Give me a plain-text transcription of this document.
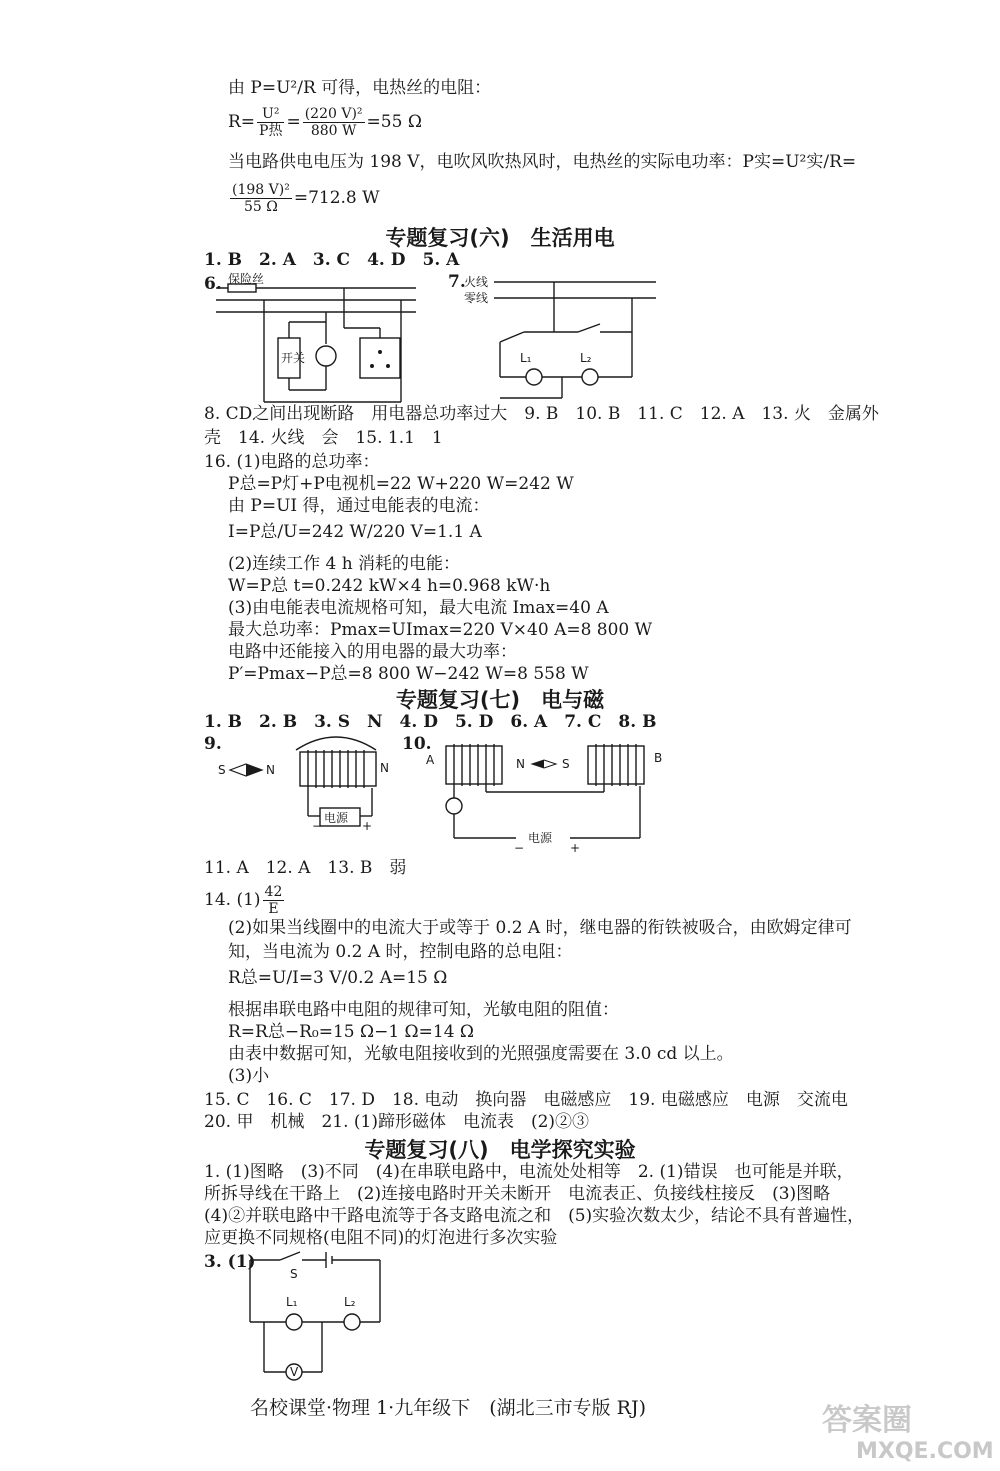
由 P=U²/R 可得，电热丝的电阻：
$R= \frac{\text{U²}}{\text{P热}} = \frac{\text{(220 V)²}}{880 W} =55$ Ω
当电路供电电压为 198 V，电吹风吹热风时，电热丝的实际电功率：P实=U²实/R=
$\frac{\text{(198 V)²}}{55 \Omega} =712.8$ W
专题复习(六)　生活用电
1. B　2. A　3. C　4. D　5. A
6. 保险丝
开关
7.
火线
零线
L₁	L₂
8. CD之间出现断路　用电器总功率过大　9. B　10. B　11. C　12. A　13. 火　金属外
壳　14. 火线　会　15. 1.1　1
16. (1)电路的总功率：
P总=P灯+P电视机=22 W+220 W=242 W
由 P=UI 得，通过电能表的电流：
I=P总/U=242 W/220 V=1.1 A
(2)连续工作 4 h 消耗的电能：
W=P总 t=0.242 kW×4 h=0.968 kW·h
(3)由电能表电流规格可知，最大电流 Imax=40 A
最大总功率：Pmax=UImax=220 V×40 A=8 800 W
电路中还能接入的用电器的最大功率：
P′=Pmax−P总=8 800 W−242 W=8 558 W
专题复习(七)　电与磁
1. B　2. B　3. S　N　4. D　5. D　6. A　7. C　8. B
9.
S	N	N
电源
−	+
10.
A	B
N	S
电源
−	+
11. A　12. A　13. B　弱
14. $(1) \frac{42}{E}$
(2)如果当线圈中的电流大于或等于 0.2 A 时，继电器的衔铁被吸合，由欧姆定律可
知，当电流为 0.2 A 时，控制电路的总电阻：
R总=U/I=3 V/0.2 A=15 Ω
根据串联电路中电阻的规律可知，光敏电阻的阻值：
R=R总−R₀=15 Ω−1 Ω=14 Ω
由表中数据可知，光敏电阻接收到的光照强度需要在 3.0 cd 以上。
(3)小
15. C　16. C　17. D　18. 电动　换向器　电磁感应　19. 电磁感应　电源　交流电
20. 甲　机械　21. (1)蹄形磁体　电流表　(2)②③
专题复习(八)　电学探究实验
1. (1)图略　(3)不同　(4)在串联电路中，电流处处相等　2. (1)错误　也可能是并联，
所拆导线在干路上　(2)连接电路时开关未断开　电流表正、负接线柱接反　(3)图略
(4)②并联电路中干路电流等于各支路电流之和　(5)实验次数太少，结论不具有普遍性，
应更换不同规格(电阻不同)的灯泡进行多次实验
3. (1)
S
L₁	L₂
V
名校课堂·物理 1·九年级下　(湖北三市专版 RJ)	答案圈
MXQE.COM
